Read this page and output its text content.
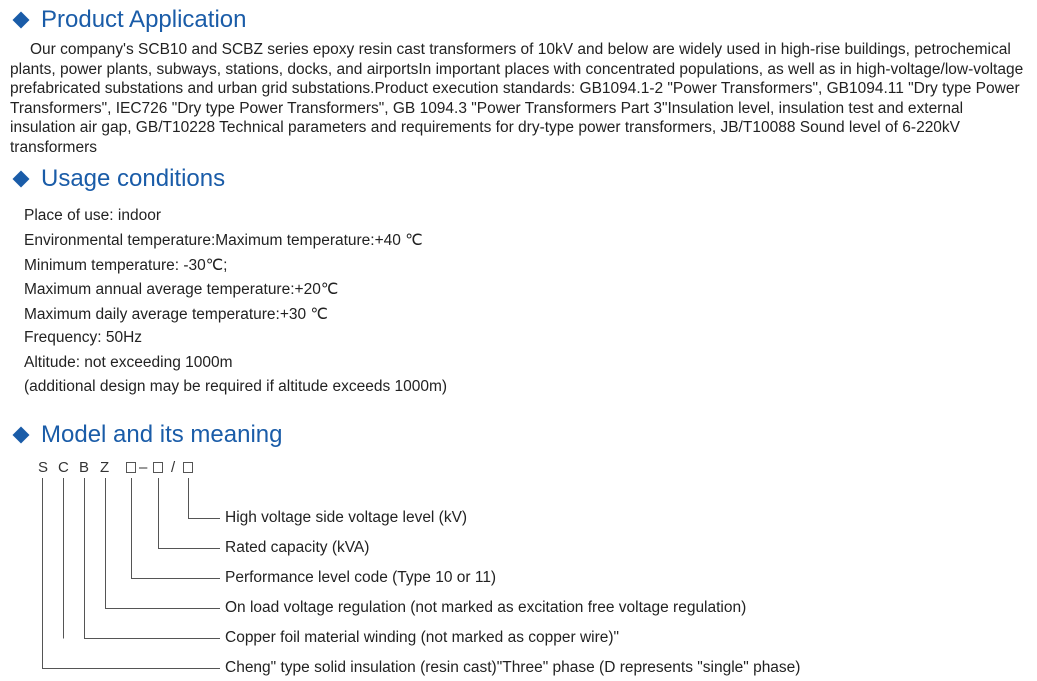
Product Application

Our company's SCB10 and SCBZ series epoxy resin cast transformers of 10kV and below are widely used in high-rise buildings, petrochemical plants, power plants, subways, stations, docks, and airportsIn important places with concentrated populations, as well as in high-voltage/low-voltage prefabricated substations and urban grid substations.Product execution standards: GB1094.1-2 "Power Transformers", GB1094.11 "Dry type Power Transformers", IEC726 "Dry type Power Transformers", GB 1094.3 "Power Transformers Part 3"Insulation level, insulation test and external insulation air gap, GB/T10228 Technical parameters and requirements for dry-type power transformers, JB/T10088 Sound level of 6-220kV transformers

Usage conditions
Place of use: indoor
Environmental temperature:Maximum temperature:+40 ℃
Minimum temperature: -30℃;
Maximum annual average temperature:+20℃
Maximum daily average temperature:+30 ℃
Frequency: 50Hz
Altitude: not exceeding 1000m
(additional design may be required if altitude exceeds 1000m)
Model and its meaning
S C B Z – /
High voltage side voltage level (kV)
Rated capacity (kVA)
Performance level code (Type 10 or 11)
On load voltage regulation (not marked as excitation free voltage regulation)
Copper foil material winding (not marked as copper wire)"
Cheng" type solid insulation (resin cast)"Three" phase (D represents "single" phase)
